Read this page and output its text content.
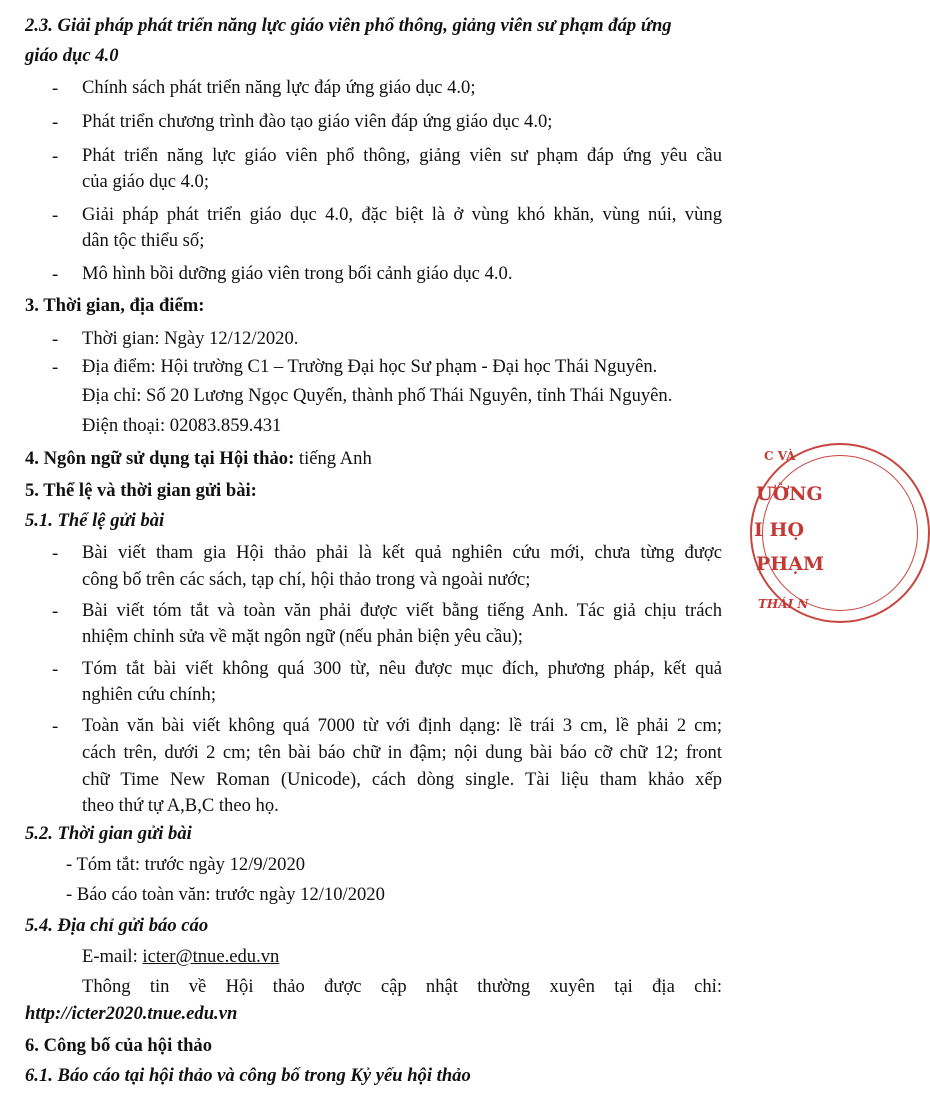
2.3. Giải pháp phát triển năng lực giáo viên phổ thông, giảng viên sư phạm đáp ứng
giáo dục 4.0
- Chính sách phát triển năng lực đáp ứng giáo dục 4.0;
- Phát triển chương trình đào tạo giáo viên đáp ứng giáo dục 4.0;
- Phát triển năng lực giáo viên phổ thông, giảng viên sư phạm đáp ứng yêu cầu
của giáo dục 4.0;
- Giải pháp phát triển giáo dục 4.0, đặc biệt là ở vùng khó khăn, vùng núi, vùng
dân tộc thiểu số;
- Mô hình bồi dưỡng giáo viên trong bối cảnh giáo dục 4.0.
3. Thời gian, địa điểm:
- Thời gian: Ngày 12/12/2020.
- Địa điểm: Hội trường C1 – Trường Đại học Sư phạm - Đại học Thái Nguyên.
Địa chỉ: Số 20 Lương Ngọc Quyến, thành phố Thái Nguyên, tỉnh Thái Nguyên.
Điện thoại: 02083.859.431
4. Ngôn ngữ sử dụng tại Hội thảo: tiếng Anh
5. Thể lệ và thời gian gửi bài:
5.1. Thể lệ gửi bài
- Bài viết tham gia Hội thảo phải là kết quả nghiên cứu mới, chưa từng được
công bố trên các sách, tạp chí, hội thảo trong và ngoài nước;
- Bài viết tóm tắt và toàn văn phải được viết bằng tiếng Anh. Tác giả chịu trách
nhiệm chỉnh sửa về mặt ngôn ngữ (nếu phản biện yêu cầu);
- Tóm tắt bài viết không quá 300 từ, nêu được mục đích, phương pháp, kết quả
nghiên cứu chính;
- Toàn văn bài viết không quá 7000 từ với định dạng: lề trái 3 cm, lề phải 2 cm;
cách trên, dưới 2 cm; tên bài báo chữ in đậm; nội dung bài báo cỡ chữ 12; front
chữ Time New Roman (Unicode), cách dòng single. Tài liệu tham khảo xếp
theo thứ tự A,B,C theo họ.
5.2. Thời gian gửi bài
- Tóm tắt: trước ngày 12/9/2020
- Báo cáo toàn văn: trước ngày 12/10/2020
5.4. Địa chỉ gửi báo cáo
E-mail: icter@tnue.edu.vn
Thông tin về Hội thảo được cập nhật thường xuyên tại địa chỉ:
http://icter2020.tnue.edu.vn
6. Công bố của hội thảo
6.1. Báo cáo tại hội thảo và công bố trong Kỷ yếu hội thảo
C VÀ
ƯỜNG
I HỌ
PHẠM
THÁI N
